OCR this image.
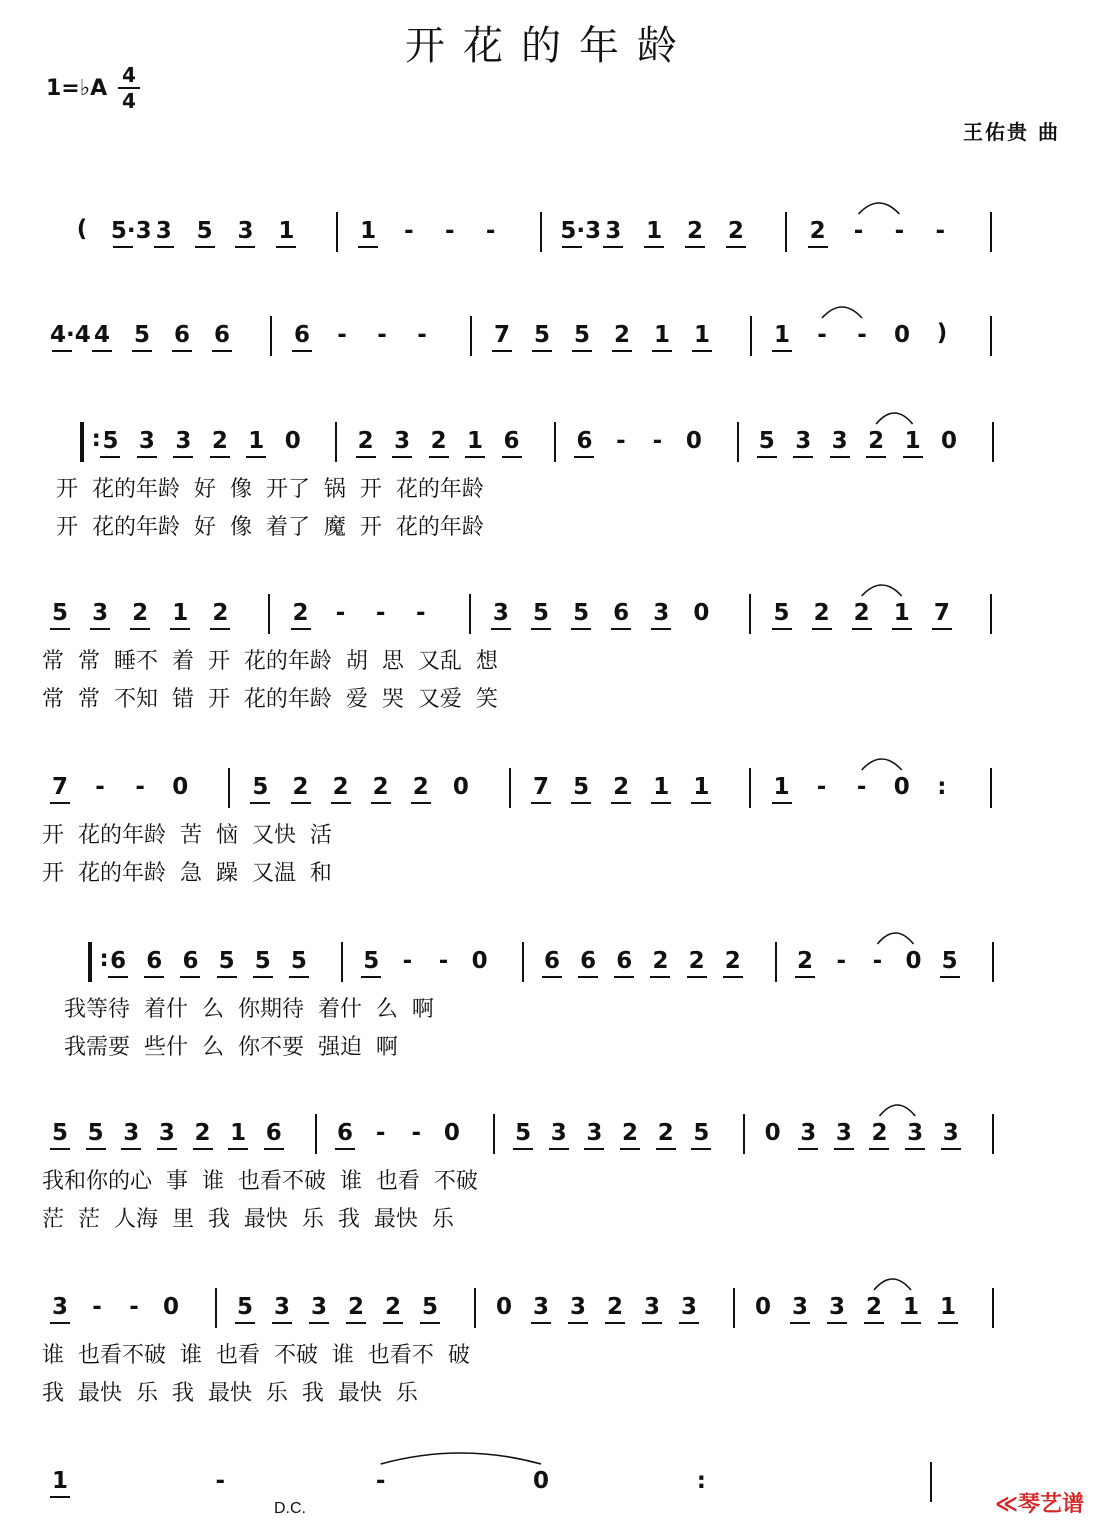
开花的年龄
1=♭A
4
4
王佑贵 曲
( 5·3 3 5 3 1	1	-	-	-	5·3 3 1 2 2	2	-	-	-
4·4 4 5 6 6	6	-	-	-	7 5 5 2 1 1	1	-	-	0 )
: 5 3 3 2 1 0 2 3 2 1 6 6	-	-	0 5 3 3 2 1 0
开  花的年龄  好  像  开了  锅  开  花的年龄
开  花的年龄  好  像  着了  魔  开  花的年龄
5 3 2 1 2	2	-	-	-	3 5 5 6 3 0	5 2 2 1 7
常  常  睡不  着  开  花的年龄  胡  思  又乱  想
常  常  不知  错  开  花的年龄  爱  哭  又爱  笑
7	-	-	0	5 2 2 2 2 0	7 5 2 1 1	1	-	-	0	:
开  花的年龄  苦  恼  又快  活
开  花的年龄  急  躁  又温  和
: 6 6 6 5 5 5 5	-	-	0 6 6 6 2 2 2 2	-	-	0 5
我等待  着什  么  你期待  着什  么  啊
我需要  些什  么  你不要  强迫  啊
5 5 3 3 2 1 6 6 -	- 0 5 3 3 2 2 5 0 3 3 2 3 3
我和你的心  事  谁  也看不破  谁  也看  不破
茫  茫  人海  里  我  最快  乐  我  最快  乐
3	-	-	0	5 3 3 2 2 5	0 3 3 2 3 3	0 3 3 2 1 1
谁  也看不破  谁  也看  不破  谁  也看不  破
我  最快  乐  我  最快  乐  我  最快  乐
1	-	-	0	:
D.C.	≪琴艺谱
